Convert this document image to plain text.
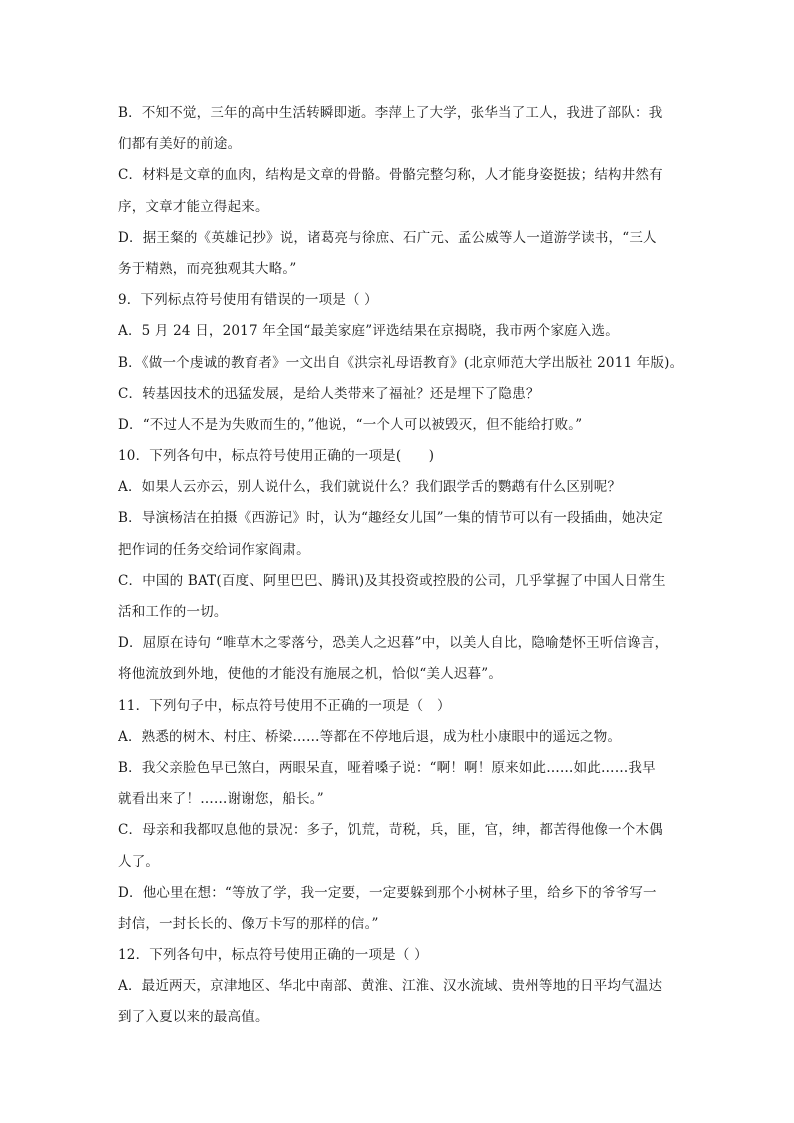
B．不知不觉，三年的高中生活转瞬即逝。李萍上了大学，张华当了工人，我进了部队：我
们都有美好的前途。
C．材料是文章的血肉，结构是文章的骨骼。骨骼完整匀称，人才能身姿挺拔；结构井然有
序，文章才能立得起来。
D．据王粲的《英雄记抄》说，诸葛亮与徐庶、石广元、孟公威等人一道游学读书，“三人
务于精熟，而亮独观其大略。”
9．下列标点符号使用有错误的一项是（ ）
A．5 月 24 日，2017 年全国“最美家庭”评选结果在京揭晓，我市两个家庭入选。
B．《做一个虔诚的教育者》一文出自《洪宗礼母语教育》(北京师范大学出版社 2011 年版)。
C．转基因技术的迅猛发展，是给人类带来了福祉？还是埋下了隐患？
D．“不过人不是为失败而生的，”他说，“一个人可以被毁灭，但不能给打败。”
10．下列各句中，标点符号使用正确的一项是(　　)
A．如果人云亦云，别人说什么，我们就说什么？我们跟学舌的鹦鹉有什么区别呢？
B．导演杨洁在拍摄《西游记》时，认为“趣经女儿国”一集的情节可以有一段插曲，她决定
把作词的任务交给词作家阎肃。
C．中国的 BAT(百度、阿里巴巴、腾讯)及其投资或控股的公司，几乎掌握了中国人日常生
活和工作的一切。
D．屈原在诗句 “唯草木之零落兮，恐美人之迟暮”中，以美人自比，隐喻楚怀王听信谗言，
将他流放到外地，使他的才能没有施展之机，恰似“美人迟暮”。
11．下列句子中，标点符号使用不正确的一项是（　）
A．熟悉的树木、村庄、桥梁……等都在不停地后退，成为杜小康眼中的遥远之物。
B．我父亲脸色早已煞白，两眼呆直，哑着嗓子说：“啊！啊！原来如此……如此……我早
就看出来了！……谢谢您，船长。”
C．母亲和我都叹息他的景况：多子，饥荒，苛税，兵，匪，官，绅，都苦得他像一个木偶
人了。
D．他心里在想：“等放了学，我一定要，一定要躲到那个小树林子里，给乡下的爷爷写一
封信，一封长长的、像万卡写的那样的信。”
12．下列各句中，标点符号使用正确的一项是（ ）
A．最近两天，京津地区、华北中南部、黄淮、江淮、汉水流域、贵州等地的日平均气温达
到了入夏以来的最高值。
